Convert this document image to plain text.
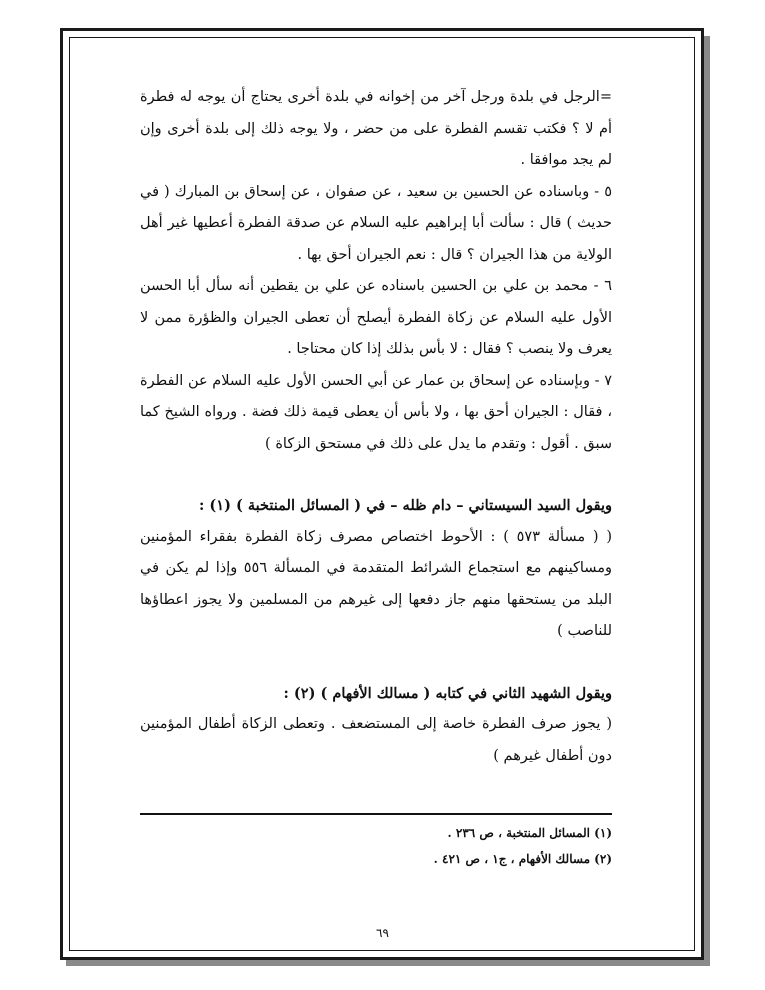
=الرجل في بلدة ورجل آخر من إخوانه في بلدة أخرى يحتاج أن يوجه له فطرة أم لا ؟ فكتب تقسم الفطرة على من حضر ، ولا يوجه ذلك إلى بلدة أخرى وإن لم يجد موافقا .

٥ - وباسناده عن الحسين بن سعيد ، عن صفوان ، عن إسحاق بن المبارك ( في حديث ) قال : سألت أبا إبراهيم عليه السلام عن صدقة الفطرة أعطيها غير أهل الولاية من هذا الجيران ؟ قال : نعم الجيران أحق بها .

٦ - محمد بن علي بن الحسين باسناده عن علي بن يقطين أنه سأل أبا الحسن الأول عليه السلام عن زكاة الفطرة أيصلح أن تعطى الجيران والظؤرة ممن لا يعرف ولا ينصب ؟ فقال : لا بأس بذلك إذا كان محتاجا .

٧ - وبإسناده عن إسحاق بن عمار عن أبي الحسن الأول عليه السلام عن الفطرة ، فقال : الجيران أحق بها ، ولا بأس أن يعطى قيمة ذلك فضة . ورواه الشيخ كما سبق . أقول : وتقدم ما يدل على ذلك في مستحق الزكاة )

ويقول السيد السيستاني – دام ظله – في ( المسائل المنتخبة ) (١) :

( ( مسألة ٥٧٣ ) : الأحوط اختصاص مصرف زكاة الفطرة بفقراء المؤمنين ومساكينهم مع استجماع الشرائط المتقدمة في المسألة ٥٥٦ وإذا لم يكن في البلد من يستحقها منهم جاز دفعها إلى غيرهم من المسلمين ولا يجوز اعطاؤها للناصب )

ويقول الشهيد الثاني في كتابه ( مسالك الأفهام ) (٢) :

( يجوز صرف الفطرة خاصة إلى المستضعف . وتعطى الزكاة أطفال المؤمنين دون أطفال غيرهم )

(١) المسائل المنتخبة ، ص ٢٣٦ .
(٢) مسالك الأفهام ، ج١ ، ص ٤٢١ .
٦٩
